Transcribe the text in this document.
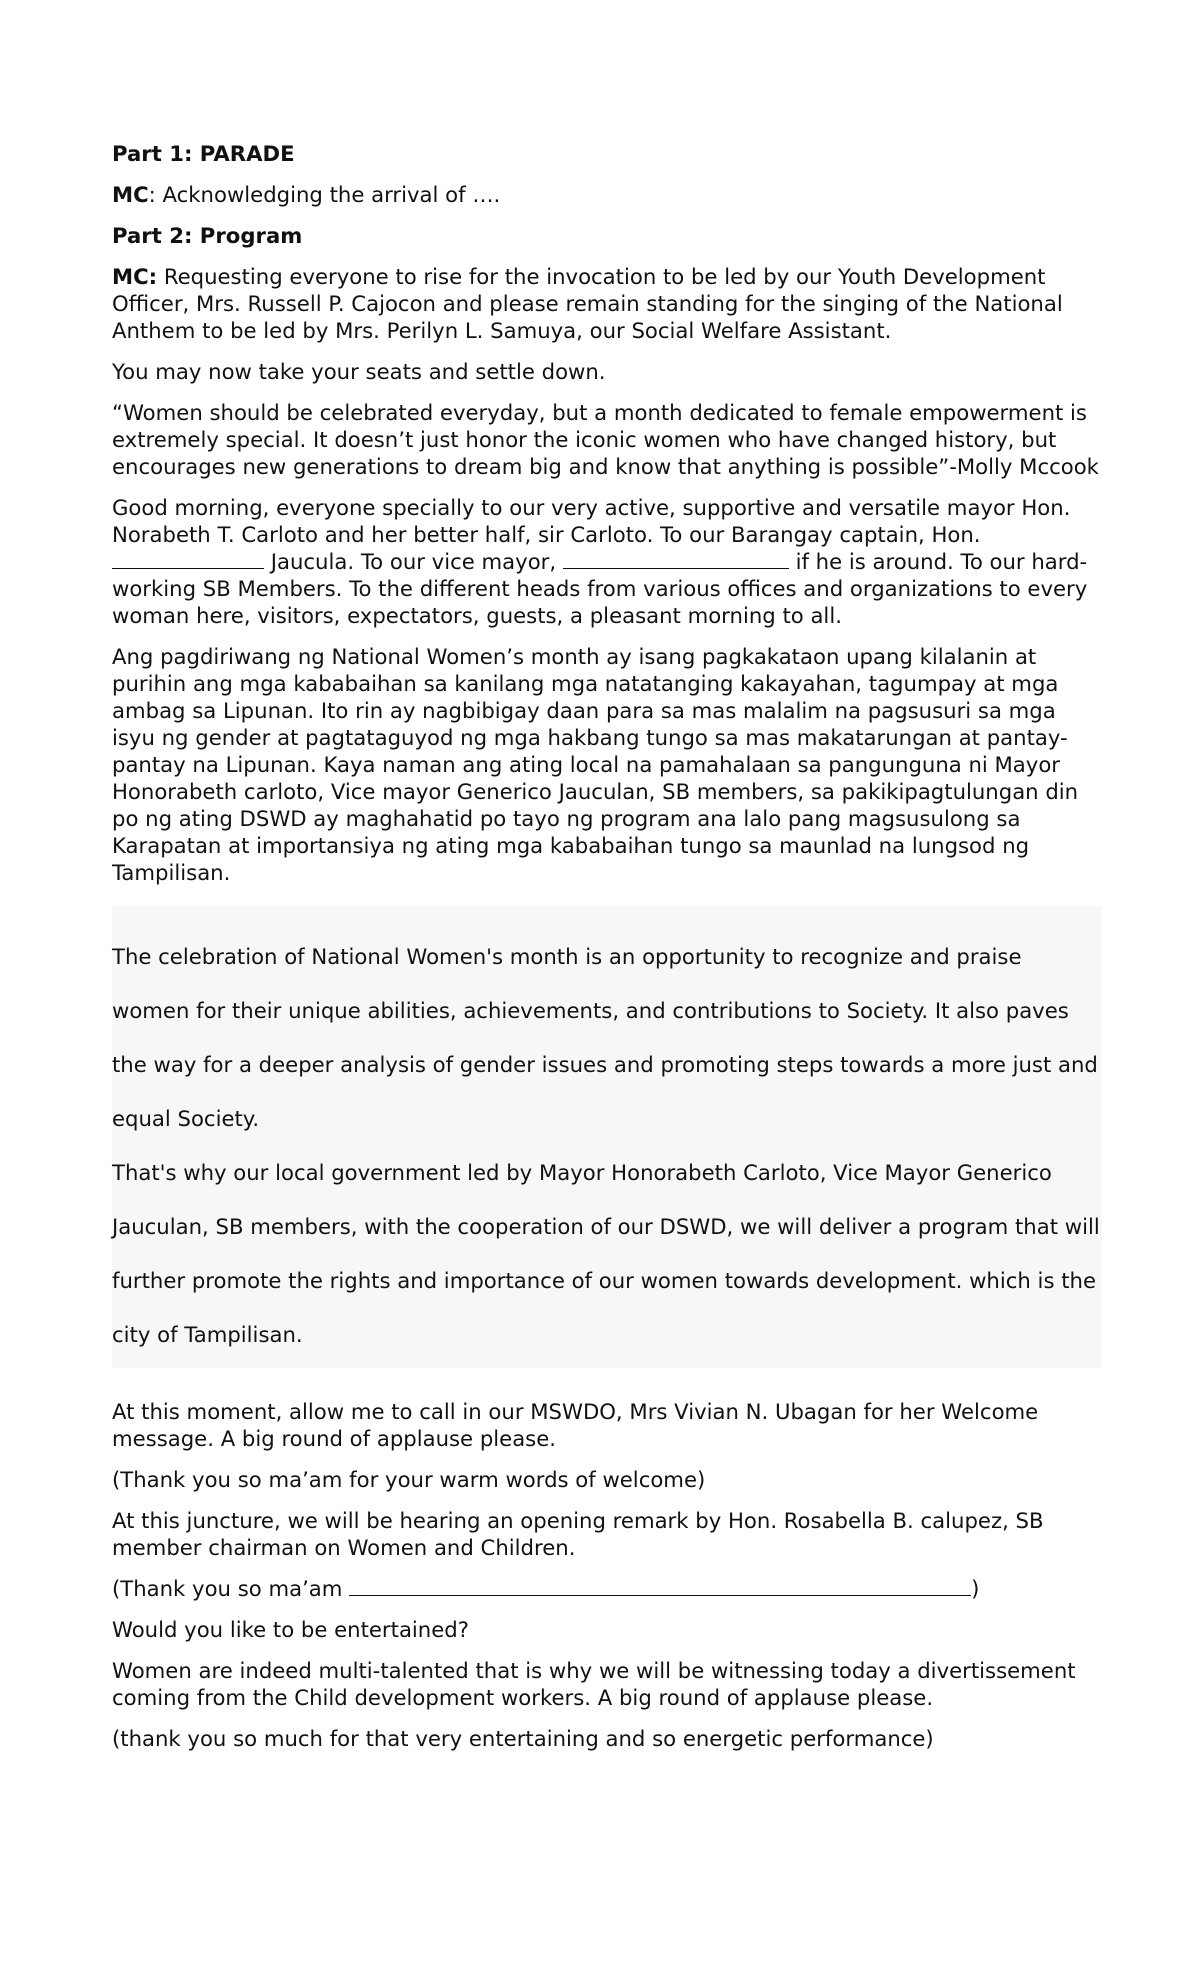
Part 1: PARADE

MC: Acknowledging the arrival of ….

Part 2: Program

MC: Requesting everyone to rise for the invocation to be led by our Youth Development Officer, Mrs. Russell P. Cajocon and please remain standing for the singing of the National Anthem to be led by Mrs. Perilyn L. Samuya, our Social Welfare Assistant.

You may now take your seats and settle down.

“Women should be celebrated everyday, but a month dedicated to female empowerment is extremely special. It doesn’t just honor the iconic women who have changed history, but encourages new generations to dream big and know that anything is possible”-Molly Mccook

Good morning, everyone specially to our very active, supportive and versatile mayor Hon. Norabeth T. Carloto and her better half, sir Carloto. To our Barangay captain, Hon.  Jaucula. To our vice mayor,	if he is around. To our hard-working SB Members. To the different heads from various offices and organizations to every woman here, visitors, expectators, guests, a pleasant morning to all.

Ang pagdiriwang ng National Women’s month ay isang pagkakataon upang kilalanin at purihin ang mga kababaihan sa kanilang mga natatanging kakayahan, tagumpay at mga ambag sa Lipunan. Ito rin ay nagbibigay daan para sa mas malalim na pagsusuri sa mga isyu ng gender at pagtataguyod ng mga hakbang tungo sa mas makatarungan at pantay-pantay na Lipunan. Kaya naman ang ating local na pamahalaan sa pangunguna ni Mayor Honorabeth carloto, Vice mayor Generico Jauculan, SB members, sa pakikipagtulungan din po ng ating DSWD ay maghahatid po tayo ng program ana lalo pang magsusulong sa Karapatan at importansiya ng ating mga kababaihan tungo sa maunlad na lungsod ng Tampilisan.

The celebration of National Women's month is an opportunity to recognize and praise women for their unique abilities, achievements, and contributions to Society. It also paves the way for a deeper analysis of gender issues and promoting steps towards a more just and equal Society.

That's why our local government led by Mayor Honorabeth Carloto, Vice Mayor Generico Jauculan, SB members, with the cooperation of our DSWD, we will deliver a program that will further promote the rights and importance of our women towards development. which is the city of Tampilisan.

At this moment, allow me to call in our MSWDO, Mrs Vivian N. Ubagan for her Welcome message. A big round of applause please.

(Thank you so ma’am for your warm words of welcome)

At this juncture, we will be hearing an opening remark by Hon. Rosabella B. calupez, SB member chairman on Women and Children.

(Thank you so ma’am	)

Would you like to be entertained?

Women are indeed multi-talented that is why we will be witnessing today a divertissement coming from the Child development workers. A big round of applause please.

(thank you so much for that very entertaining and so energetic performance)
